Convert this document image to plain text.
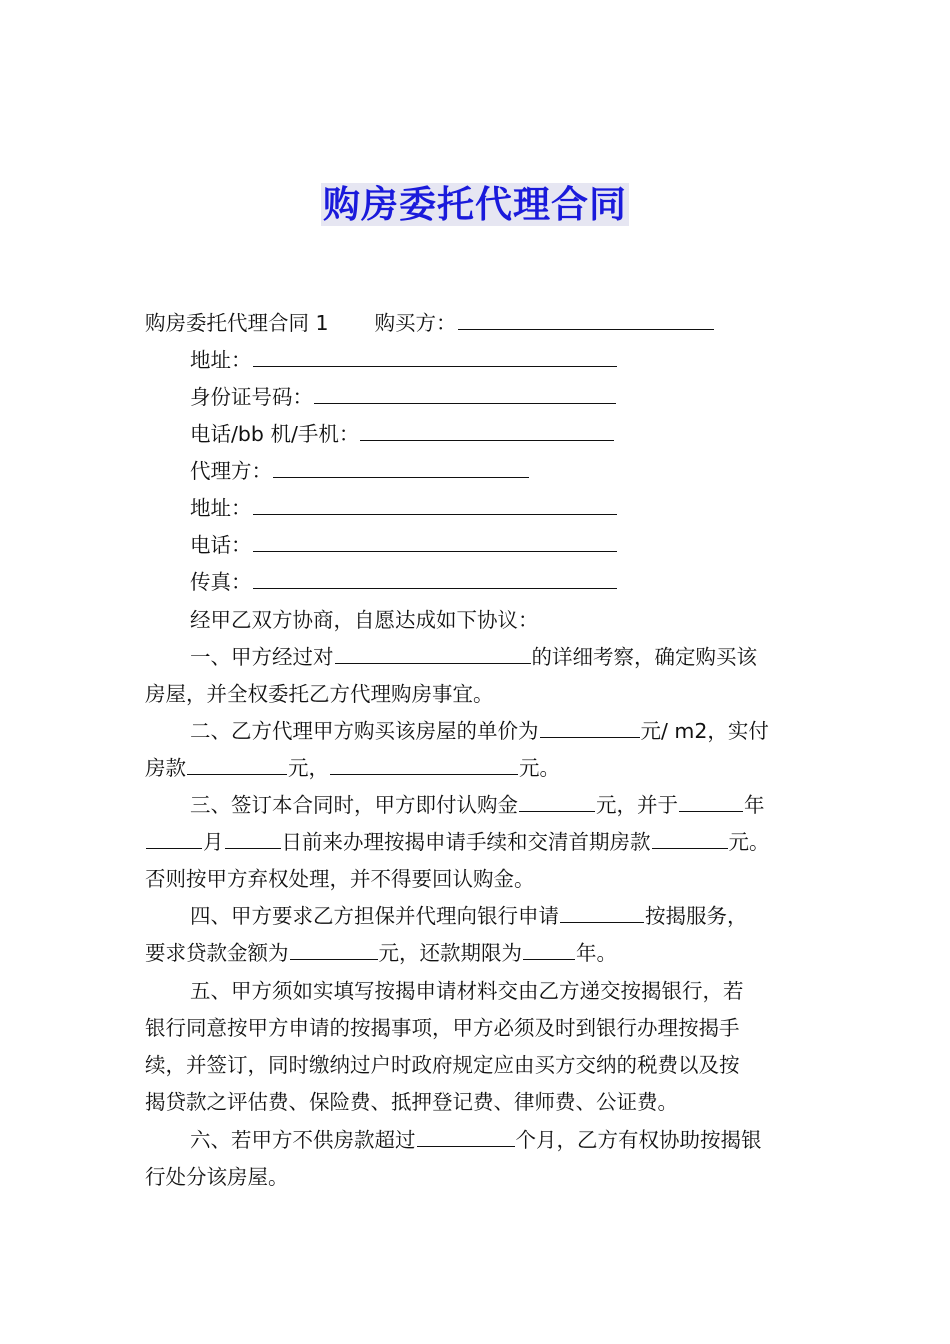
购房委托代理合同
购房委托代理合同 1 购买方：
地址：
身份证号码：
电话/bb 机/手机：
代理方：
地址：
电话：
传真：
经甲乙双方协商，自愿达成如下协议：
一、甲方经过对	的详细考察，确定购买该
房屋，并全权委托乙方代理购房事宜。
二、乙方代理甲方购买该房屋的单价为	元/ m2，实付
房款	元，	元。
三、签订本合同时，甲方即付认购金	元，并于	年
月	日前来办理按揭申请手续和交清首期房款	元。
否则按甲方弃权处理，并不得要回认购金。
四、甲方要求乙方担保并代理向银行申请	按揭服务，
要求贷款金额为	元，还款期限为	年。
五、甲方须如实填写按揭申请材料交由乙方递交按揭银行，若
银行同意按甲方申请的按揭事项，甲方必须及时到银行办理按揭手
续，并签订，同时缴纳过户时政府规定应由买方交纳的税费以及按
揭贷款之评估费、保险费、抵押登记费、律师费、公证费。
六、若甲方不供房款超过	个月，乙方有权协助按揭银
行处分该房屋。
